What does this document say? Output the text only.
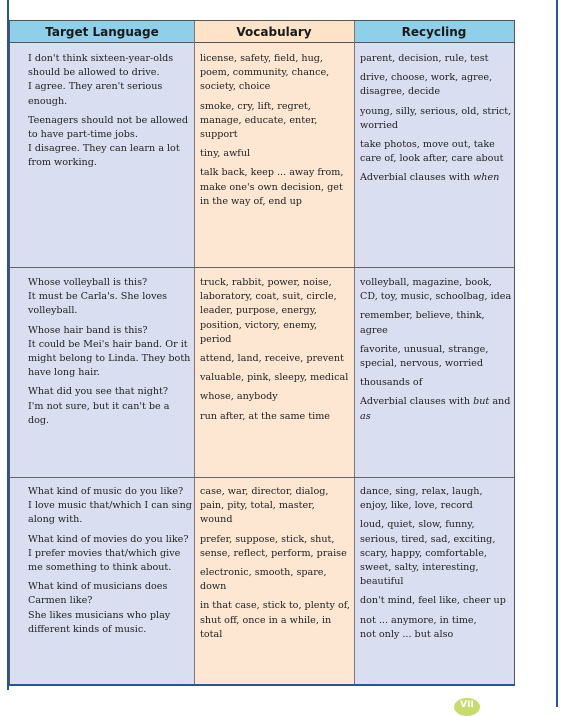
Target Language	Vocabulary	Recycling

I don't think sixteen-year-olds should be allowed to drive.

I agree. They aren't serious enough.

Teenagers should not be allowed to have part-time jobs.

I disagree. They can learn a lot from working.

license, safety, field, hug, poem, community, chance, society, choice

smoke, cry, lift, regret, manage, educate, enter, support

tiny, awful

talk back, keep ... away from, make one's own decision, get in the way of, end up

parent, decision, rule, test

drive, choose, work, agree, disagree, decide

young, silly, serious, old, strict, worried

take photos, move out, take care of, look after, care about

Adverbial clauses with when

Whose volleyball is this?

It must be Carla's. She loves volleyball.

Whose hair band is this?

It could be Mei's hair band. Or it might belong to Linda. They both have long hair.

What did you see that night?

I'm not sure, but it can't be a dog.

truck, rabbit, power, noise, laboratory, coat, suit, circle, leader, purpose, energy, position, victory, enemy, period

attend, land, receive, prevent

valuable, pink, sleepy, medical

whose, anybody

run after, at the same time

volleyball, magazine, book, CD, toy, music, schoolbag, idea

remember, believe, think, agree

favorite, unusual, strange, special, nervous, worried

thousands of

Adverbial clauses with but and as

What kind of music do you like?

I love music that/which I can sing along with.

What kind of movies do you like?

I prefer movies that/which give me something to think about.

What kind of musicians does Carmen like?

She likes musicians who play different kinds of music.

case, war, director, dialog, pain, pity, total, master, wound

prefer, suppose, stick, shut, sense, reflect, perform, praise

electronic, smooth, spare, down

in that case, stick to, plenty of, shut off, once in a while, in total

dance, sing, relax, laugh, enjoy, like, love, record

loud, quiet, slow, funny, serious, tired, sad, exciting, scary, happy, comfortable, sweet, salty, interesting, beautiful

don't mind, feel like, cheer up

not ... anymore, in time,

not only ... but also

VII
